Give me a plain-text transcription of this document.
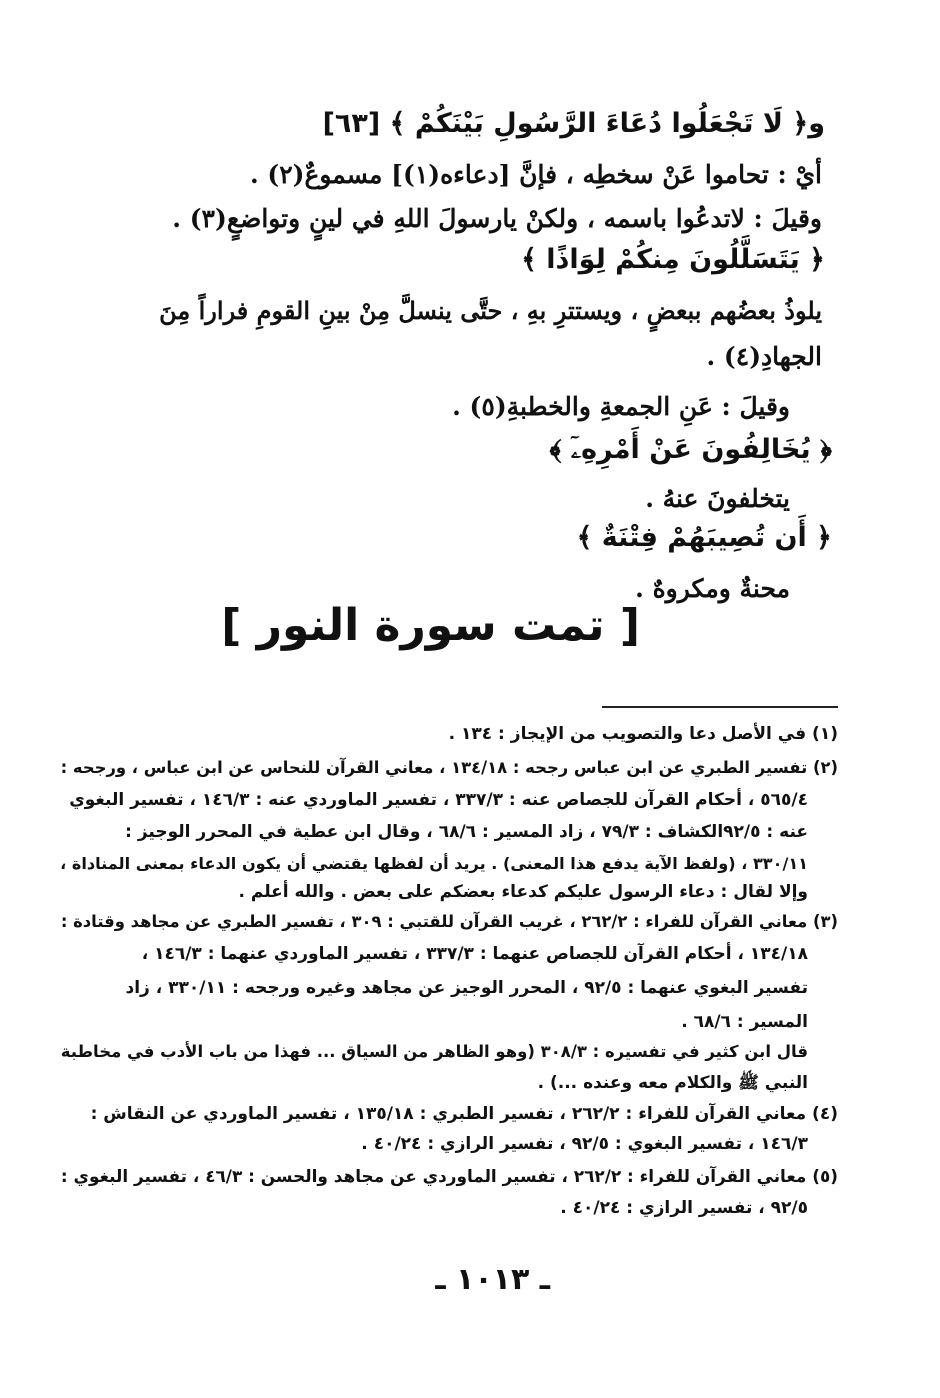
و﴿ لَا تَجْعَلُوا دُعَاءَ الرَّسُولِ بَيْنَكُمْ ﴾ [٦٣]
أيْ : تحاموا عَنْ سخطِه ، فإنَّ [دعاءه(١)] مسموعٌ(٢) .
وقيلَ : لاتدعُوا باسمه ، ولكنْ يارسولَ اللهِ في لينٍ وتواضعٍ(٣) .
﴿ يَتَسَلَّلُونَ مِنكُمْ لِوَاذًا ﴾
يلوذُ بعضُهم ببعضٍ ، ويستترِ بهِ ، حتَّى ينسلَّ مِنْ بينِ القومِ فراراً مِنَ
الجهادِ(٤) .
وقيلَ : عَنِ الجمعةِ والخطبةِ(٥) .
﴿ يُخَالِفُونَ عَنْ أَمْرِهِۦٓ ﴾
يتخلفونَ عنهُ .
﴿ أَن تُصِيبَهُمْ فِتْنَةٌ ﴾
محنةٌ ومكروهٌ .
[ تمت سورة النور ]
(١) في الأصل دعا والتصويب من الإيجاز : ١٣٤ .
(٢) تفسير الطبري عن ابن عباس رجحه : ١٣٤/١٨ ، معاني القرآن للنحاس عن ابن عباس ، ورجحه :
٥٦٥/٤ ، أحكام القرآن للجصاص عنه : ٣٣٧/٣ ، تفسير الماوردي عنه : ١٤٦/٣ ، تفسير البغوي
عنه : ٩٢/٥الكشاف : ٧٩/٣ ، زاد المسير : ٦٨/٦ ، وقال ابن عطية في المحرر الوجيز :
٣٣٠/١١ ، (ولفظ الآية يدفع هذا المعنى) . يريد أن لفظها يقتضي أن يكون الدعاء بمعنى المناداة ،
وإلا لقال : دعاء الرسول عليكم كدعاء بعضكم على بعض . والله أعلم .
(٣) معاني القرآن للفراء : ٢٦٢/٢ ، غريب القرآن للقتبي : ٣٠٩ ، تفسير الطبري عن مجاهد وقتادة :
١٣٤/١٨ ، أحكام القرآن للجصاص عنهما : ٣٣٧/٣ ، تفسير الماوردي عنهما : ١٤٦/٣ ،
تفسير البغوي عنهما : ٩٢/٥ ، المحرر الوجيز عن مجاهد وغيره ورجحه : ٣٣٠/١١ ، زاد
المسير : ٦٨/٦ .
قال ابن كثير في تفسيره : ٣٠٨/٣ (وهو الظاهر من السياق ... فهذا من باب الأدب في مخاطبة
النبي ﷺ والكلام معه وعنده ...) .
(٤) معاني القرآن للفراء : ٢٦٢/٢ ، تفسير الطبري : ١٣٥/١٨ ، تفسير الماوردي عن النقاش :
١٤٦/٣ ، تفسير البغوي : ٩٢/٥ ، تفسير الرازي : ٤٠/٢٤ .
(٥) معاني القرآن للفراء : ٢٦٢/٢ ، تفسير الماوردي عن مجاهد والحسن : ٤٦/٣ ، تفسير البغوي :
٩٢/٥ ، تفسير الرازي : ٤٠/٢٤ .
ـ ١٠١٣ ـ
